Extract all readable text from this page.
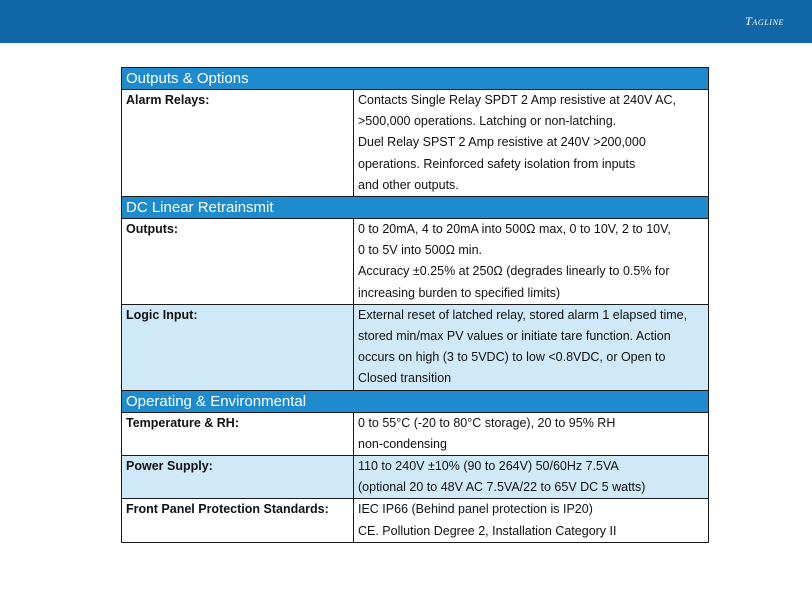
Tagline
Outputs & Options	
Alarm Relays:	Contacts Single Relay SPDT 2 Amp resistive at 240V AC,
>500,000 operations. Latching or non-latching.
Duel Relay SPST 2 Amp resistive at 240V >200,000
operations. Reinforced safety isolation from inputs
and other outputs.

DC Linear Retrainsmit	
Outputs:	0 to 20mA, 4 to 20mA into 500Ω max, 0 to 10V, 2 to 10V,
0 to 5V into 500Ω min.
Accuracy ±0.25% at 250Ω (degrades linearly to 0.5% for
increasing burden to specified limits)

Logic Input:	External reset of latched relay, stored alarm 1 elapsed time,
stored min/max PV values or initiate tare function. Action
occurs on high (3 to 5VDC) to low <0.8VDC, or Open to
Closed transition

Operating & Environmental	
Temperature & RH:	0 to 55°C (-20 to 80°C storage), 20 to 95% RH
non-condensing

Power Supply:	110 to 240V ±10% (90 to 264V) 50/60Hz 7.5VA
(optional 20 to 48V AC 7.5VA/22 to 65V DC 5 watts)

Front Panel Protection Standards:	IEC IP66 (Behind panel protection is IP20)
CE. Pollution Degree 2, Installation Category II
